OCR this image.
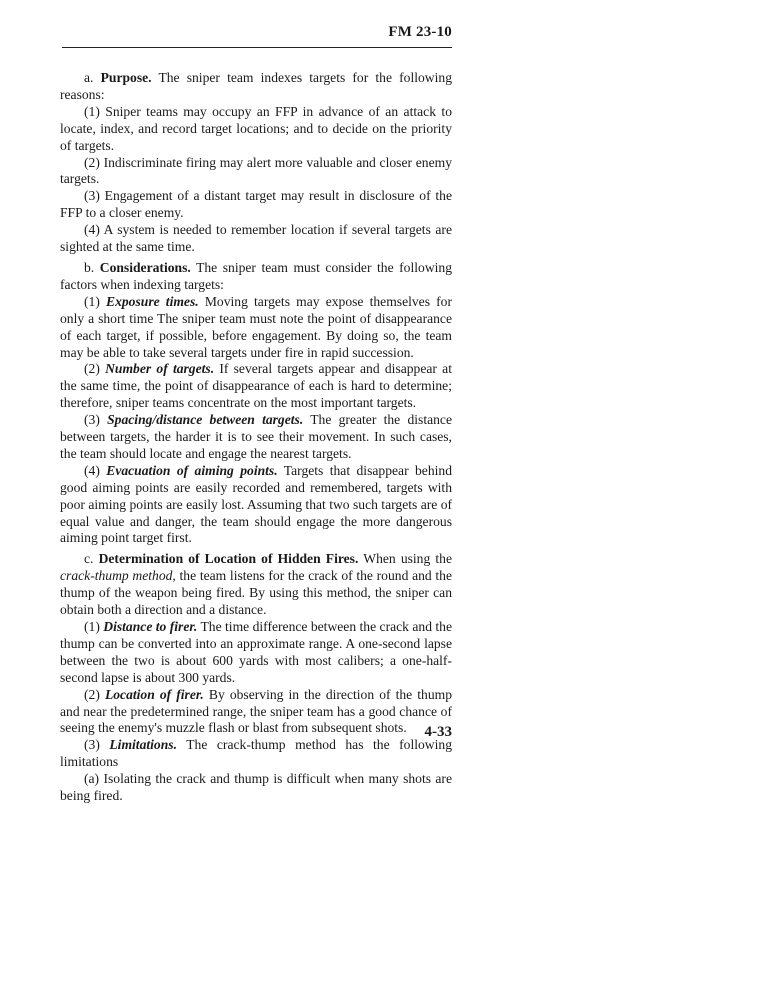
FM 23-10

a. Purpose. The sniper team indexes targets for the following reasons:

(1) Sniper teams may occupy an FFP in advance of an attack to locate, index, and record target locations; and to decide on the priority of targets.

(2) Indiscriminate firing may alert more valuable and closer enemy targets.

(3) Engagement of a distant target may result in disclosure of the FFP to a closer enemy.

(4) A system is needed to remember location if several targets are sighted at the same time.

b. Considerations. The sniper team must consider the following factors when indexing targets:

(1) Exposure times. Moving targets may expose themselves for only a short time The sniper team must note the point of disappearance of each target, if possible, before engagement. By doing so, the team may be able to take several targets under fire in rapid succession.

(2) Number of targets. If several targets appear and disappear at the same time, the point of disappearance of each is hard to determine; therefore, sniper teams concentrate on the most important targets.

(3) Spacing/distance between targets. The greater the distance between targets, the harder it is to see their movement. In such cases, the team should locate and engage the nearest targets.

(4) Evacuation of aiming points. Targets that disappear behind good aiming points are easily recorded and remembered, targets with poor aiming points are easily lost. Assuming that two such targets are of equal value and danger, the team should engage the more dangerous aiming point target first.

c. Determination of Location of Hidden Fires. When using the crack-thump method, the team listens for the crack of the round and the thump of the weapon being fired. By using this method, the sniper can obtain both a direction and a distance.

(1) Distance to firer. The time difference between the crack and the thump can be converted into an approximate range. A one-second lapse between the two is about 600 yards with most calibers; a one-half-second lapse is about 300 yards.

(2) Location of firer. By observing in the direction of the thump and near the predetermined range, the sniper team has a good chance of seeing the enemy's muzzle flash or blast from subsequent shots.

(3) Limitations. The crack-thump method has the following limitations

(a) Isolating the crack and thump is difficult when many shots are being fired.

4-33
